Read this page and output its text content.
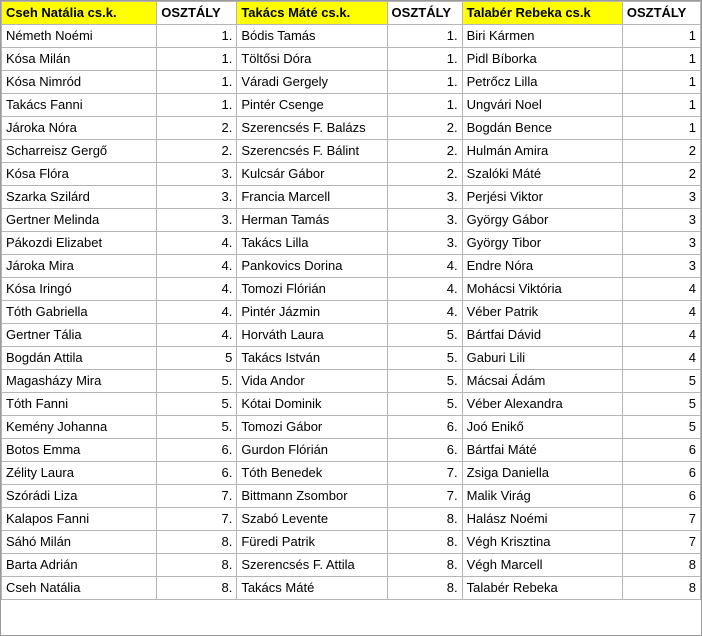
Cseh Natália cs.k.	OSZTÁLY	Takács Máté cs.k.	OSZTÁLY	Talabér Rebeka cs.k	OSZTÁLY
Németh Noémi	1.	Bódis Tamás	1.	Biri Kármen	1
Kósa Milán	1.	Töltősi Dóra	1.	Pidl Bíborka	1
Kósa Nimród	1.	Váradi Gergely	1.	Petrőcz Lilla	1
Takács Fanni	1.	Pintér Csenge	1.	Ungvári Noel	1
Jároka Nóra	2.	Szerencsés F. Balázs	2.	Bogdán Bence	1
Scharreisz Gergő	2.	Szerencsés F. Bálint	2.	Hulmán Amira	2
Kósa Flóra	3.	Kulcsár Gábor	2.	Szalóki Máté	2
Szarka Szilárd	3.	Francia Marcell	3.	Perjési Viktor	3
Gertner Melinda	3.	Herman Tamás	3.	György Gábor	3
Pákozdi Elizabet	4.	Takács Lilla	3.	György Tibor	3
Jároka Mira	4.	Pankovics Dorina	4.	Endre Nóra	3
Kósa Iringó	4.	Tomozi Flórián	4.	Mohácsi Viktória	4
Tóth Gabriella	4.	Pintér Jázmin	4.	Véber Patrik	4
Gertner Tália	4.	Horváth Laura	5.	Bártfai Dávid	4
Bogdán Attila	5	Takács István	5.	Gaburi Lili	4
Magasházy Mira	5.	Vida Andor	5.	Mácsai Ádám	5
Tóth Fanni	5.	Kótai Dominik	5.	Véber Alexandra	5
Kemény Johanna	5.	Tomozi Gábor	6.	Joó Enikő	5
Botos Emma	6.	Gurdon Flórián	6.	Bártfai Máté	6
Zélity Laura	6.	Tóth Benedek	7.	Zsiga Daniella	6
Szórádi Liza	7.	Bittmann Zsombor	7.	Malik Virág	6
Kalapos Fanni	7.	Szabó Levente	8.	Halász Noémi	7
Sáhó Milán	8.	Füredi Patrik	8.	Végh Krisztina	7
Barta Adrián	8.	Szerencsés F. Attila	8.	Végh Marcell	8
Cseh Natália	8.	Takács Máté	8.	Talabér Rebeka	8
